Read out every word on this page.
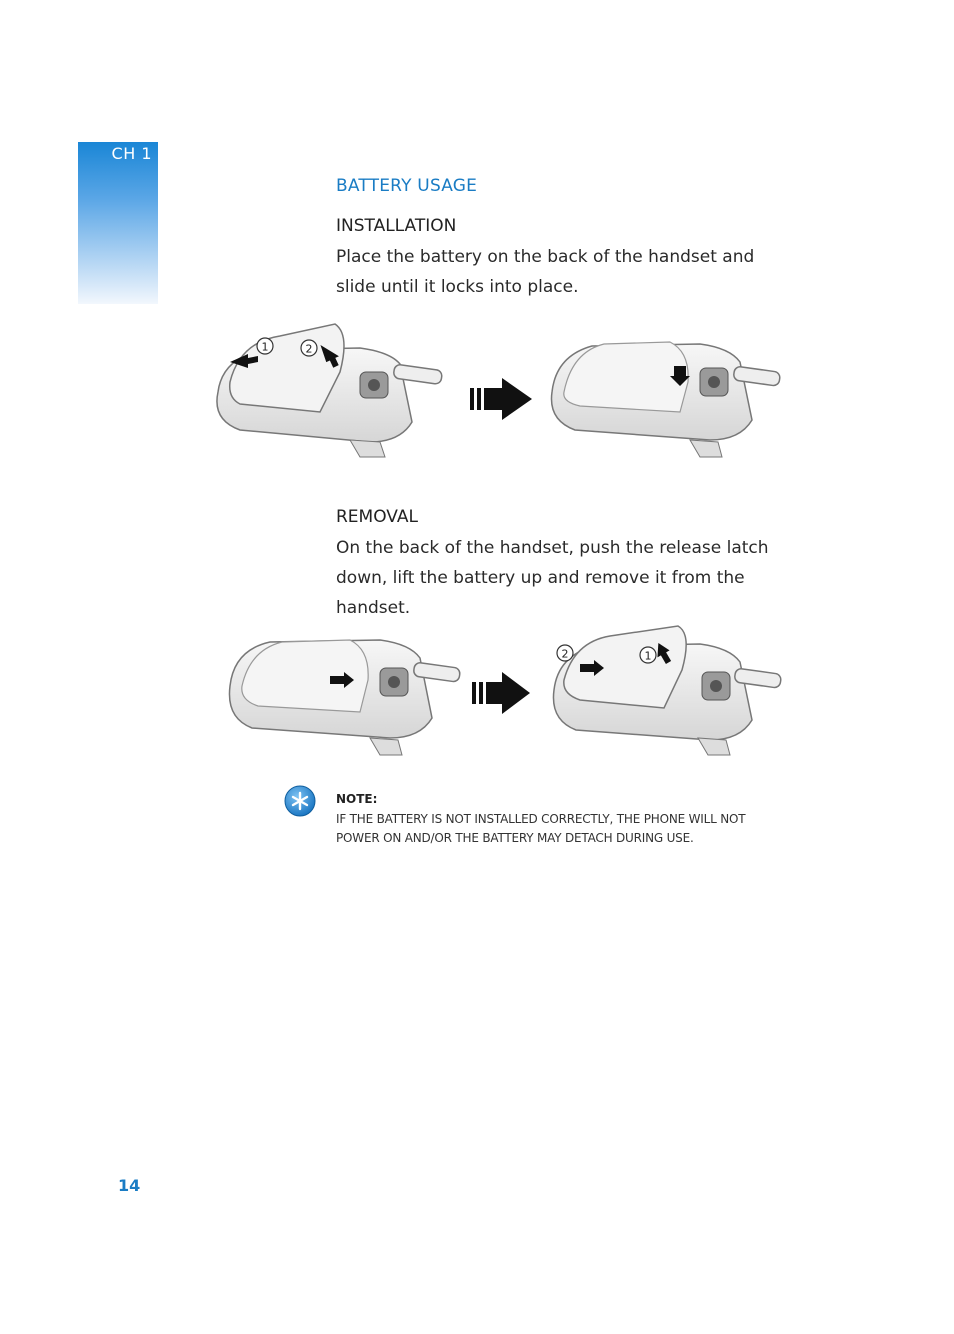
CH 1
BATTERY USAGE
INSTALLATION
Place the battery on the back of the handset and slide until it locks into place.
1	2
REMOVAL
On the back of the handset, push the release latch down, lift the battery up and remove it from the handset.
2	1
NOTE:
IF THE BATTERY IS NOT INSTALLED CORRECTLY, THE PHONE WILL NOT POWER ON AND/OR THE BATTERY MAY DETACH DURING USE.
14
